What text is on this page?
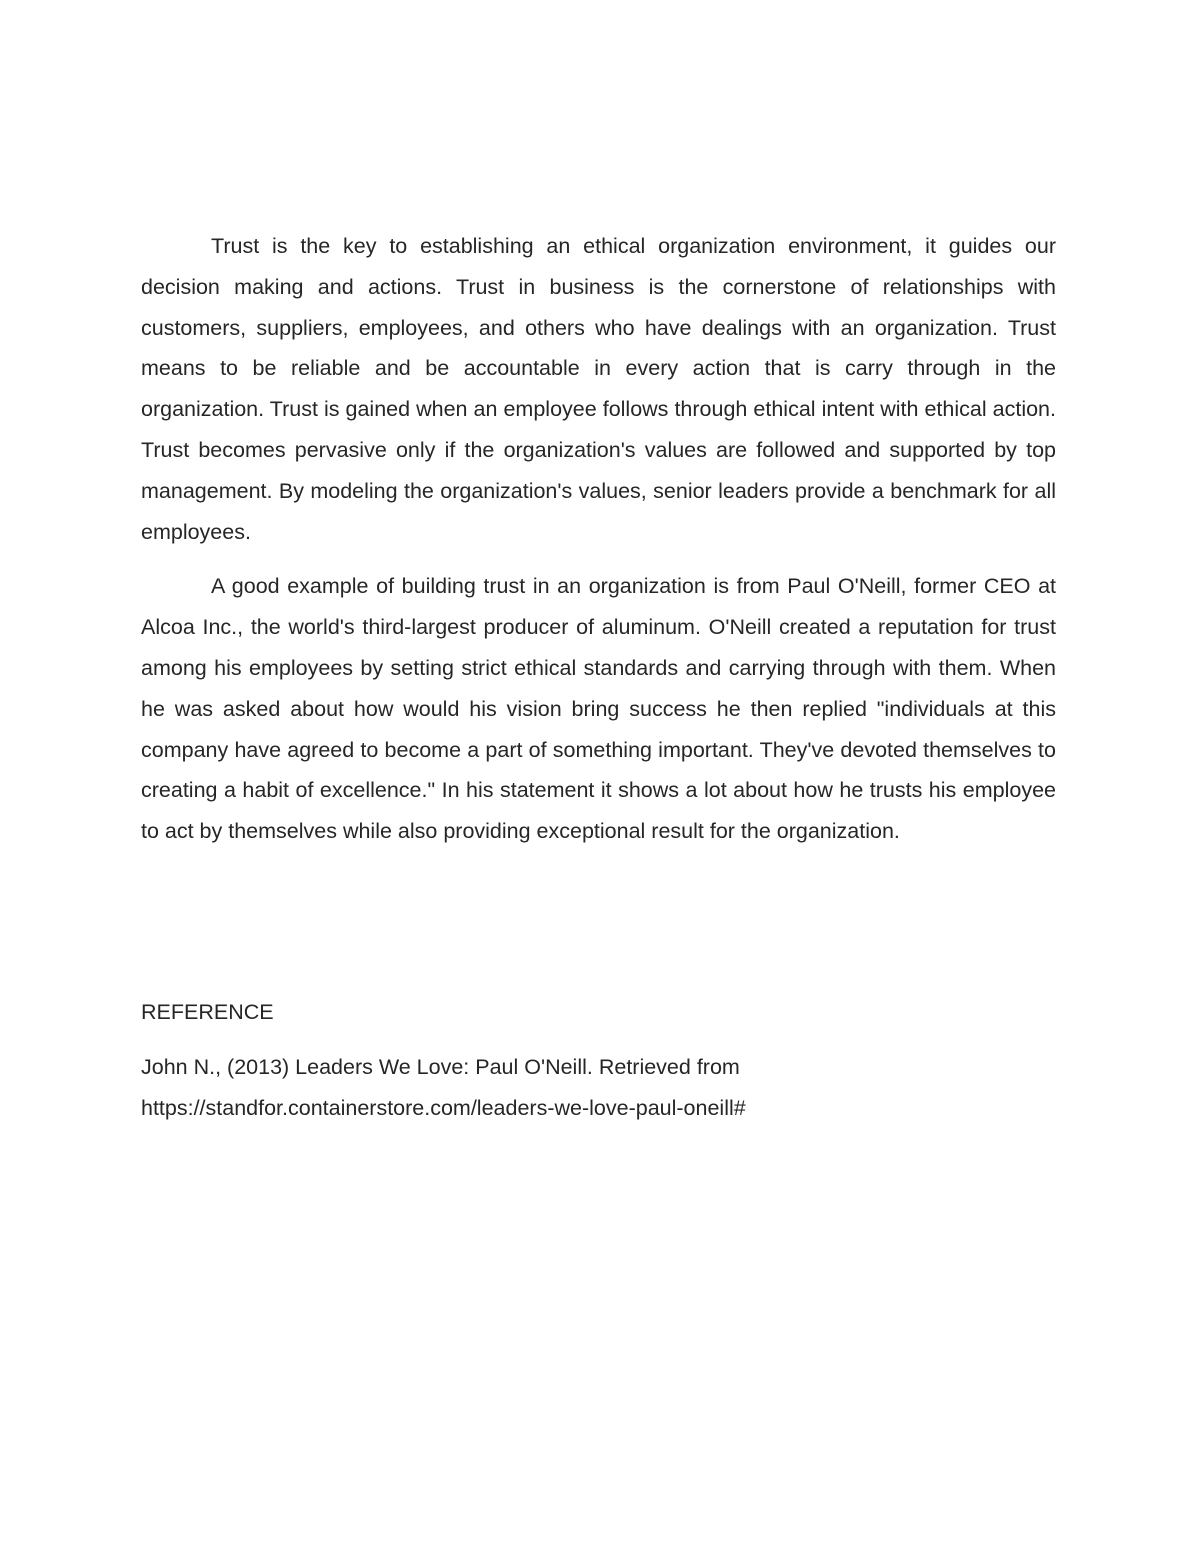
Trust is the key to establishing an ethical organization environment, it guides our decision making and actions. Trust in business is the cornerstone of relationships with customers, suppliers, employees, and others who have dealings with an organization. Trust means to be reliable and be accountable in every action that is carry through in the organization. Trust is gained when an employee follows through ethical intent with ethical action. Trust becomes pervasive only if the organization's values are followed and supported by top management. By modeling the organization's values, senior leaders provide a benchmark for all employees.

A good example of building trust in an organization is from Paul O'Neill, former CEO at Alcoa Inc., the world's third-largest producer of aluminum. O'Neill created a reputation for trust among his employees by setting strict ethical standards and carrying through with them. When he was asked about how would his vision bring success he then replied "individuals at this company have agreed to become a part of something important. They've devoted themselves to creating a habit of excellence." In his statement it shows a lot about how he trusts his employee to act by themselves while also providing exceptional result for the organization.

REFERENCE

John N., (2013) Leaders We Love: Paul O'Neill. Retrieved from

https://standfor.containerstore.com/leaders-we-love-paul-oneill#
